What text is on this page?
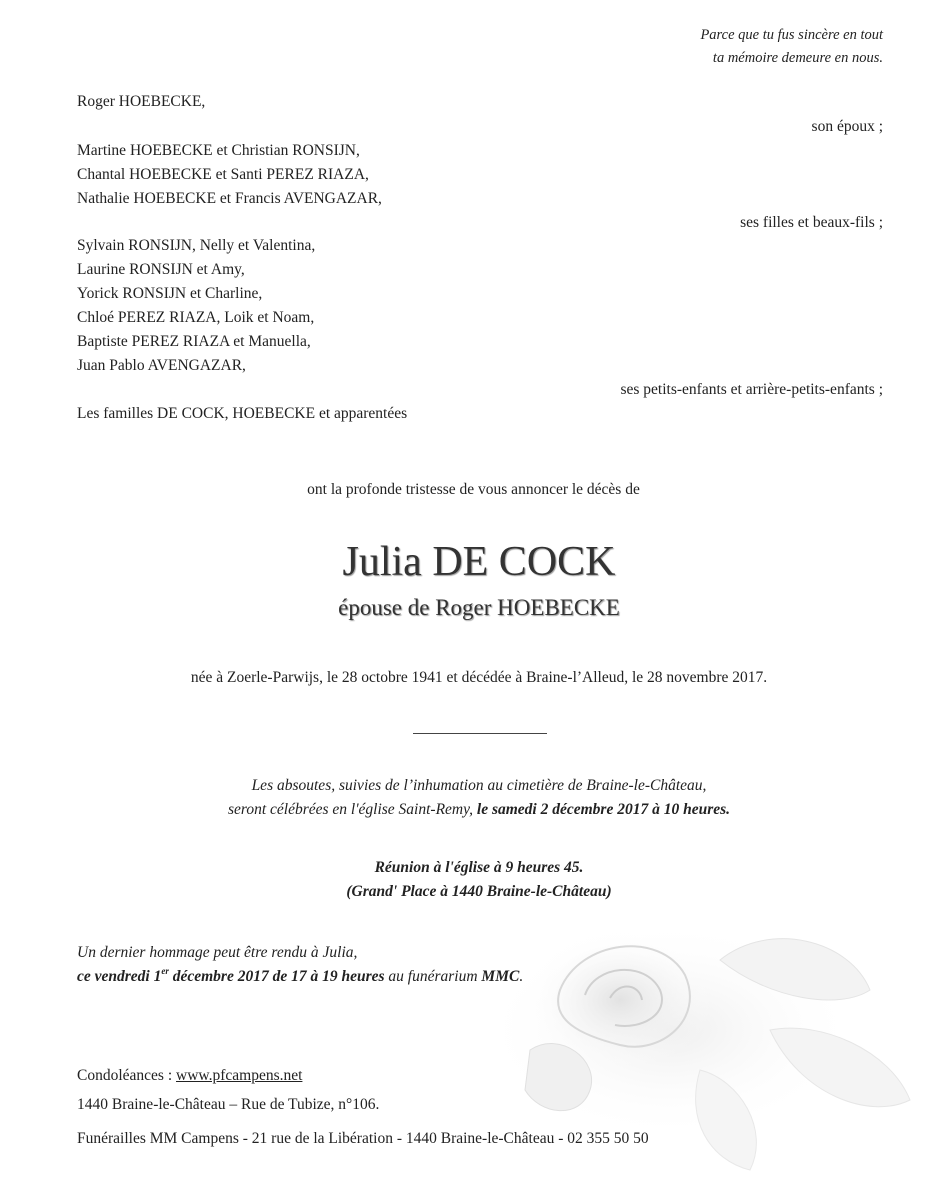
Parce que tu fus sincère en tout
ta mémoire demeure en nous.
Roger HOEBECKE,
son époux ;
Martine HOEBECKE et Christian RONSIJN,
Chantal HOEBECKE et Santi PEREZ RIAZA,
Nathalie HOEBECKE et Francis AVENGAZAR,
ses filles et beaux-fils ;
Sylvain RONSIJN, Nelly et Valentina,
Laurine RONSIJN et Amy,
Yorick RONSIJN et Charline,
Chloé PEREZ RIAZA, Loik et Noam,
Baptiste PEREZ RIAZA et Manuella,
Juan Pablo AVENGAZAR,
ses petits-enfants et arrière-petits-enfants ;
Les familles DE COCK, HOEBECKE et apparentées
ont la profonde tristesse de vous annoncer le décès de
Julia DE COCK
épouse de Roger HOEBECKE
née à Zoerle-Parwijs, le 28 octobre 1941 et décédée à Braine-l’Alleud, le 28 novembre 2017.
Les absoutes, suivies de l’inhumation au cimetière de Braine-le-Château,
seront célébrées en l'église Saint-Remy, le samedi 2 décembre 2017 à 10 heures.
Réunion à l'église à 9 heures 45.
(Grand' Place à 1440 Braine-le-Château)
Un dernier hommage peut être rendu à Julia,
ce vendredi 1er décembre 2017 de 17 à 19 heures au funérarium MMC.
Condoléances : www.pfcampens.net
1440 Braine-le-Château – Rue de Tubize, n°106.
Funérailles MM Campens - 21 rue de la Libération - 1440 Braine-le-Château - 02 355 50 50
